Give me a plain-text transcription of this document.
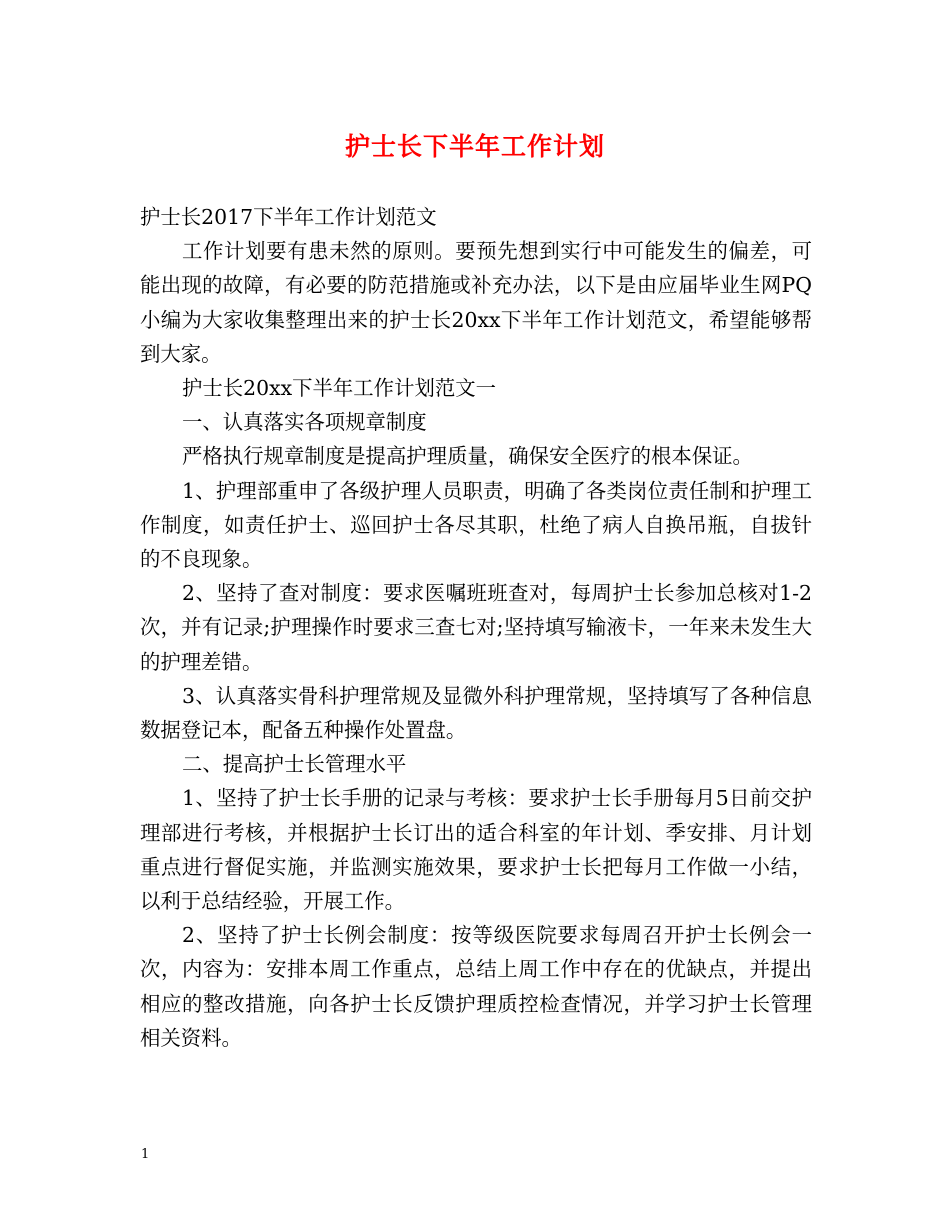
护士长下半年工作计划

护士长2017下半年工作计划范文

工作计划要有患未然的原则。要预先想到实行中可能发生的偏差，可能出现的故障，有必要的防范措施或补充办法，以下是由应届毕业生网PQ小编为大家收集整理出来的护士长20xx下半年工作计划范文，希望能够帮到大家。

护士长20xx下半年工作计划范文一

一、认真落实各项规章制度

严格执行规章制度是提高护理质量，确保安全医疗的根本保证。

1、护理部重申了各级护理人员职责，明确了各类岗位责任制和护理工作制度，如责任护士、巡回护士各尽其职，杜绝了病人自换吊瓶，自拔针的不良现象。

2、坚持了查对制度：要求医嘱班班查对，每周护士长参加总核对1-2次，并有记录;护理操作时要求三查七对;坚持填写输液卡，一年来未发生大的护理差错。

3、认真落实骨科护理常规及显微外科护理常规，坚持填写了各种信息数据登记本，配备五种操作处置盘。

二、提高护士长管理水平

1、坚持了护士长手册的记录与考核：要求护士长手册每月5日前交护理部进行考核，并根据护士长订出的适合科室的年计划、季安排、月计划重点进行督促实施，并监测实施效果，要求护士长把每月工作做一小结，以利于总结经验，开展工作。

2、坚持了护士长例会制度：按等级医院要求每周召开护士长例会一次，内容为：安排本周工作重点，总结上周工作中存在的优缺点，并提出相应的整改措施，向各护士长反馈护理质控检查情况，并学习护士长管理相关资料。

1
